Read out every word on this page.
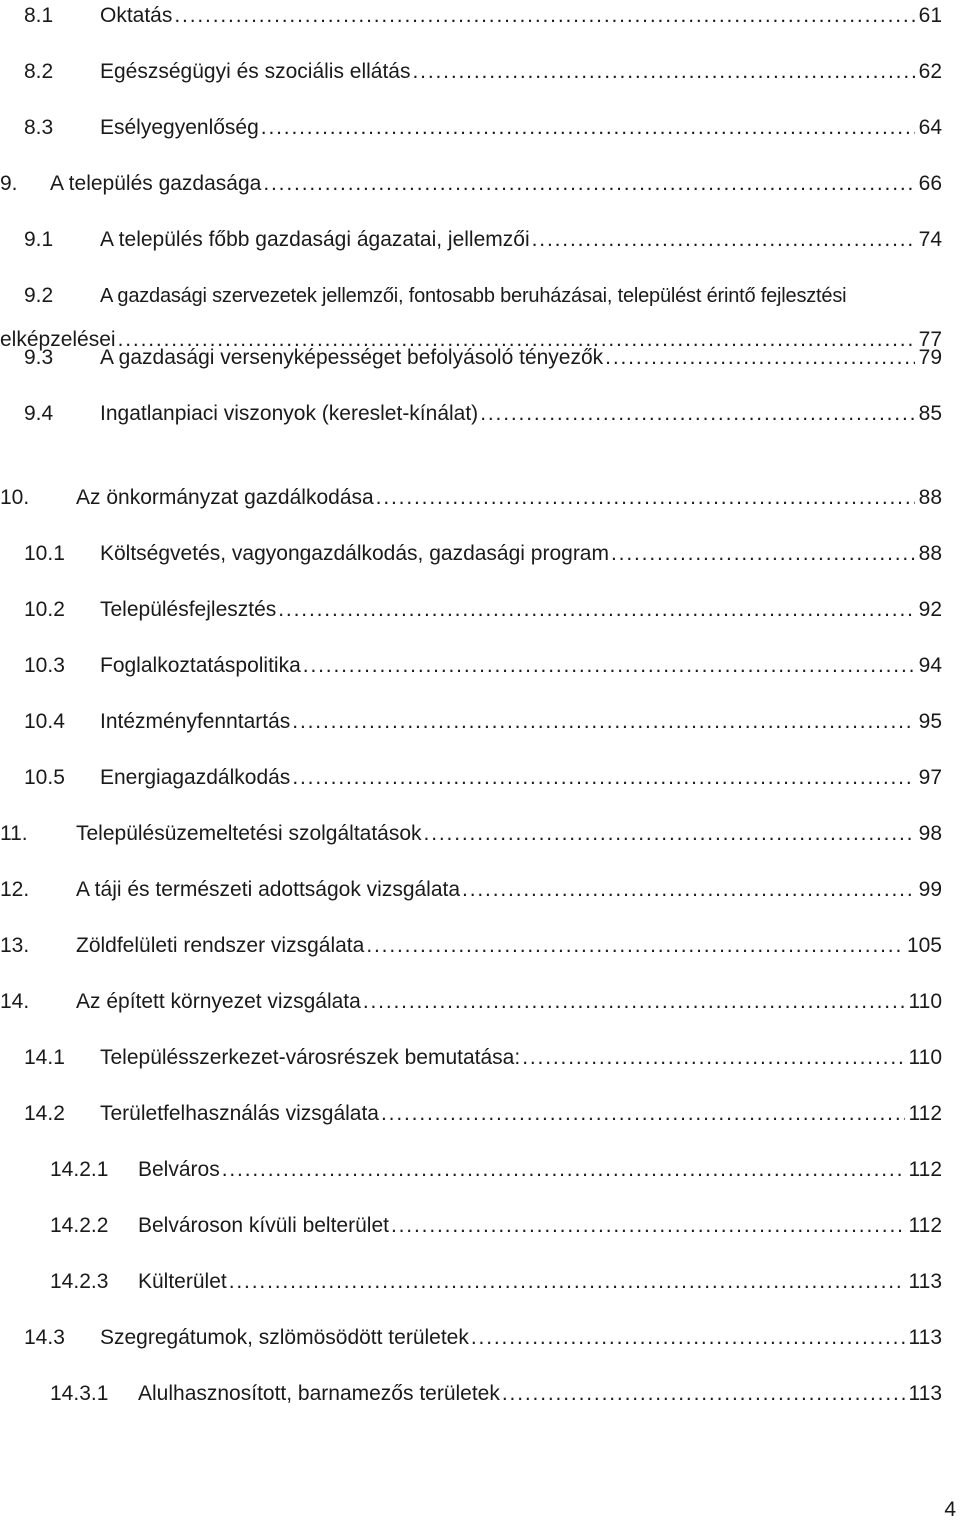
8.1 Oktatás . . .	61
8.2 Egészségügyi és szociális ellátás . . .	62
8.3 Esélyegyenlőség . . .	64
9. A település gazdasága . . .	66
9.1 A település főbb gazdasági ágazatai, jellemzői . . .	74
9.2 A gazdasági szervezetek jellemzői, fontosabb beruházásai, települést érintő fejlesztési
elképzelései . . .	77
9.3 A gazdasági versenyképességet befolyásoló tényezők . . .	79
9.4 Ingatlanpiaci viszonyok (kereslet-kínálat) . . .	85
10. Az önkormányzat gazdálkodása . . .	88
10.1 Költségvetés, vagyongazdálkodás, gazdasági program . . .	88
10.2 Településfejlesztés . . .	92
10.3 Foglalkoztatáspolitika . . .	94
10.4 Intézményfenntartás . . .	95
10.5 Energiagazdálkodás . . .	97
11. Településüzemeltetési szolgáltatások . . .	98
12. A táji és természeti adottságok vizsgálata . . .	99
13. Zöldfelületi rendszer vizsgálata . . .	105
14. Az épített környezet vizsgálata . . .	110
14.1 Településszerkezet-városrészek bemutatása: . . .	110
14.2 Területfelhasználás vizsgálata . . .	112
14.2.1 Belváros . . .	112
14.2.2 Belvároson kívüli belterület . . .	112
14.2.3 Külterület . . .	113
14.3 Szegregátumok, szlömösödött területek . . .	113
14.3.1 Alulhasznosított, barnamezős területek . . .	113
4
